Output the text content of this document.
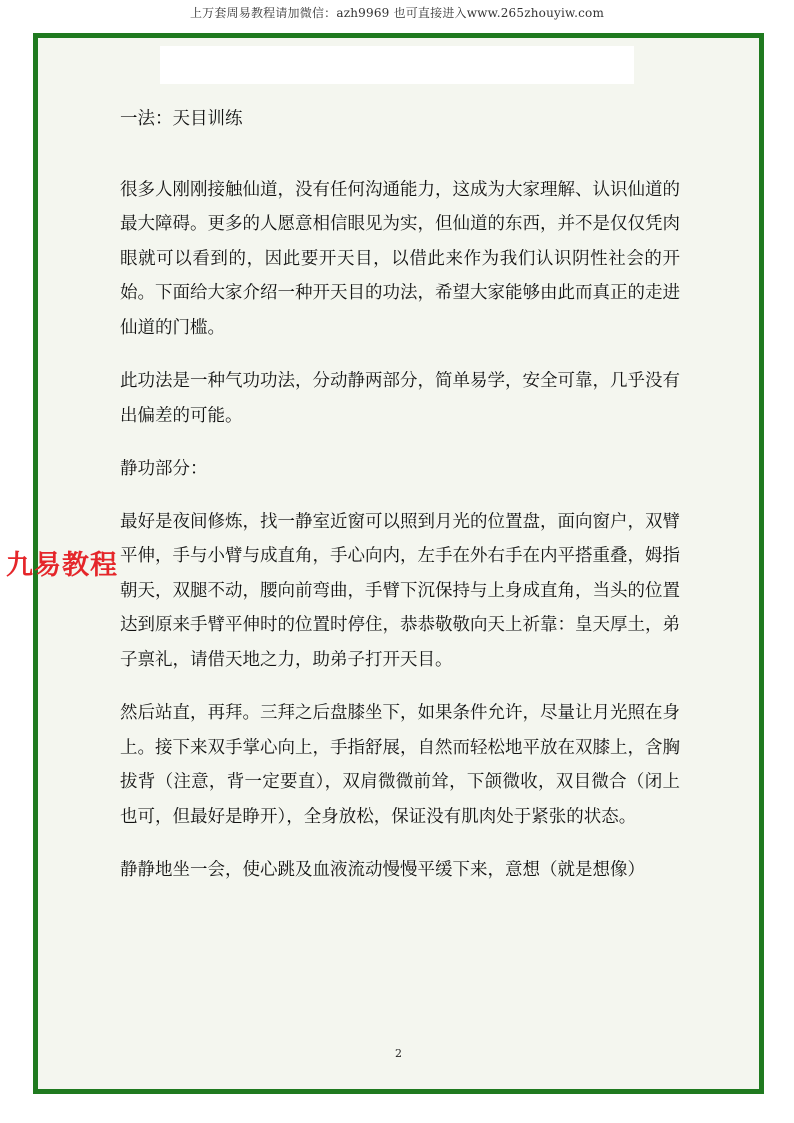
上万套周易教程请加微信：azh9969 也可直接进入www.265zhouyiw.com

一法：天目训练

很多人刚刚接触仙道，没有任何沟通能力，这成为大家理解、认识仙道的最大障碍。更多的人愿意相信眼见为实，但仙道的东西，并不是仅仅凭肉眼就可以看到的，因此要开天目，以借此来作为我们认识阴性社会的开始。下面给大家介绍一种开天目的功法，希望大家能够由此而真正的走进仙道的门槛。

此功法是一种气功功法，分动静两部分，简单易学，安全可靠，几乎没有出偏差的可能。

静功部分：

最好是夜间修炼，找一静室近窗可以照到月光的位置盘，面向窗户，双臂平伸，手与小臂与成直角，手心向内，左手在外右手在内平搭重叠，姆指朝天，双腿不动，腰向前弯曲，手臂下沉保持与上身成直角，当头的位置达到原来手臂平伸时的位置时停住，恭恭敬敬向天上祈靠：皇天厚土，弟子禀礼，请借天地之力，助弟子打开天目。

然后站直，再拜。三拜之后盘膝坐下，如果条件允许，尽量让月光照在身上。接下来双手掌心向上，手指舒展，自然而轻松地平放在双膝上，含胸拔背（注意，背一定要直），双肩微微前耸，下颌微收，双目微合（闭上也可，但最好是睁开），全身放松，保证没有肌肉处于紧张的状态。

静静地坐一会，使心跳及血液流动慢慢平缓下来，意想（就是想像）

2
九易教程
